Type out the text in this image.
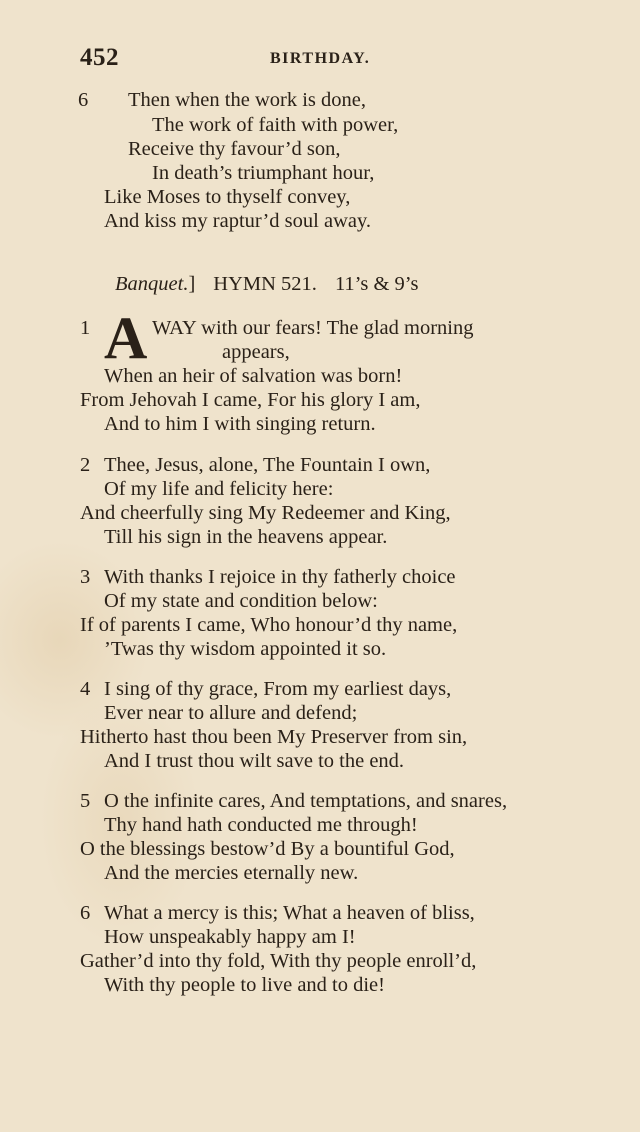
452	BIRTHDAY.
6 Then when the work is done,
The work of faith with power,
Receive thy favour’d son,
In death’s triumphant hour,
Like Moses to thyself convey,
And kiss my raptur’d soul away.
Banquet.] HYMN 521. 11’s & 9’s
1 A WAY with our fears! The glad morning
appears,
When an heir of salvation was born!
From Jehovah I came, For his glory I am,
And to him I with singing return.
2 Thee, Jesus, alone, The Fountain I own,
Of my life and felicity here:
And cheerfully sing My Redeemer and King,
Till his sign in the heavens appear.
3 With thanks I rejoice in thy fatherly choice
Of my state and condition below:
If of parents I came, Who honour’d thy name,
’Twas thy wisdom appointed it so.
4 I sing of thy grace, From my earliest days,
Ever near to allure and defend;
Hitherto hast thou been My Preserver from sin,
And I trust thou wilt save to the end.
5 O the infinite cares, And temptations, and snares,
Thy hand hath conducted me through!
O the blessings bestow’d By a bountiful God,
And the mercies eternally new.
6 What a mercy is this; What a heaven of bliss,
How unspeakably happy am I!
Gather’d into thy fold, With thy people enroll’d,
With thy people to live and to die!
